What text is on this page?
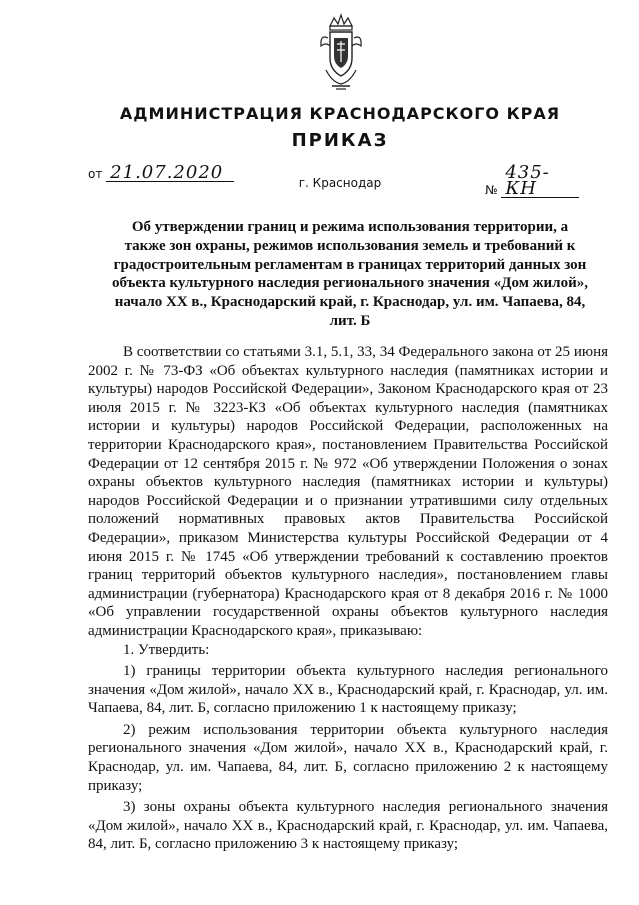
АДМИНИСТРАЦИЯ КРАСНОДАРСКОГО КРАЯ
ПРИКАЗ
от 21.07.2020
№ 435-КН
г. Краснодар

Об утверждении границ и режима использования территории, а также зон охраны, режимов использования земель и требований к градостроительным регламентам в границах территорий данных зон объекта культурного наследия регионального значения «Дом жилой», начало XX в., Краснодарский край, г. Краснодар, ул. им. Чапаева, 84, лит. Б

В соответствии со статьями 3.1, 5.1, 33, 34 Федерального закона от 25 июня 2002 г. № 73-ФЗ «Об объектах культурного наследия (памятниках истории и культуры) народов Российской Федерации», Законом Краснодарского края от 23 июля 2015 г. № 3223-КЗ «Об объектах культурного наследия (памятниках истории и культуры) народов Российской Федерации, расположенных на территории Краснодарского края», постановлением Правительства Российской Федерации от 12 сентября 2015 г. № 972 «Об утверждении Положения о зонах охраны объектов культурного наследия (памятниках истории и культуры) народов Российской Федерации и о признании утратившими силу отдельных положений нормативных правовых актов Правительства Российской Федерации», приказом Министерства культуры Российской Федерации от 4 июня 2015 г. № 1745 «Об утверждении требований к составлению проектов границ территорий объектов культурного наследия», постановлением главы администрации (губернатора) Краснодарского края от 8 декабря 2016 г. № 1000 «Об управлении государственной охраны объектов культурного наследия администрации Краснодарского края», приказываю:

1. Утвердить:

1) границы территории объекта культурного наследия регионального значения «Дом жилой», начало XX в., Краснодарский край, г. Краснодар, ул. им. Чапаева, 84, лит. Б, согласно приложению 1 к настоящему приказу;

2) режим использования территории объекта культурного наследия регионального значения «Дом жилой», начало XX в., Краснодарский край, г. Краснодар, ул. им. Чапаева, 84, лит. Б, согласно приложению 2 к настоящему приказу;

3) зоны охраны объекта культурного наследия регионального значения «Дом жилой», начало XX в., Краснодарский край, г. Краснодар, ул. им. Чапаева, 84, лит. Б, согласно приложению 3 к настоящему приказу;
